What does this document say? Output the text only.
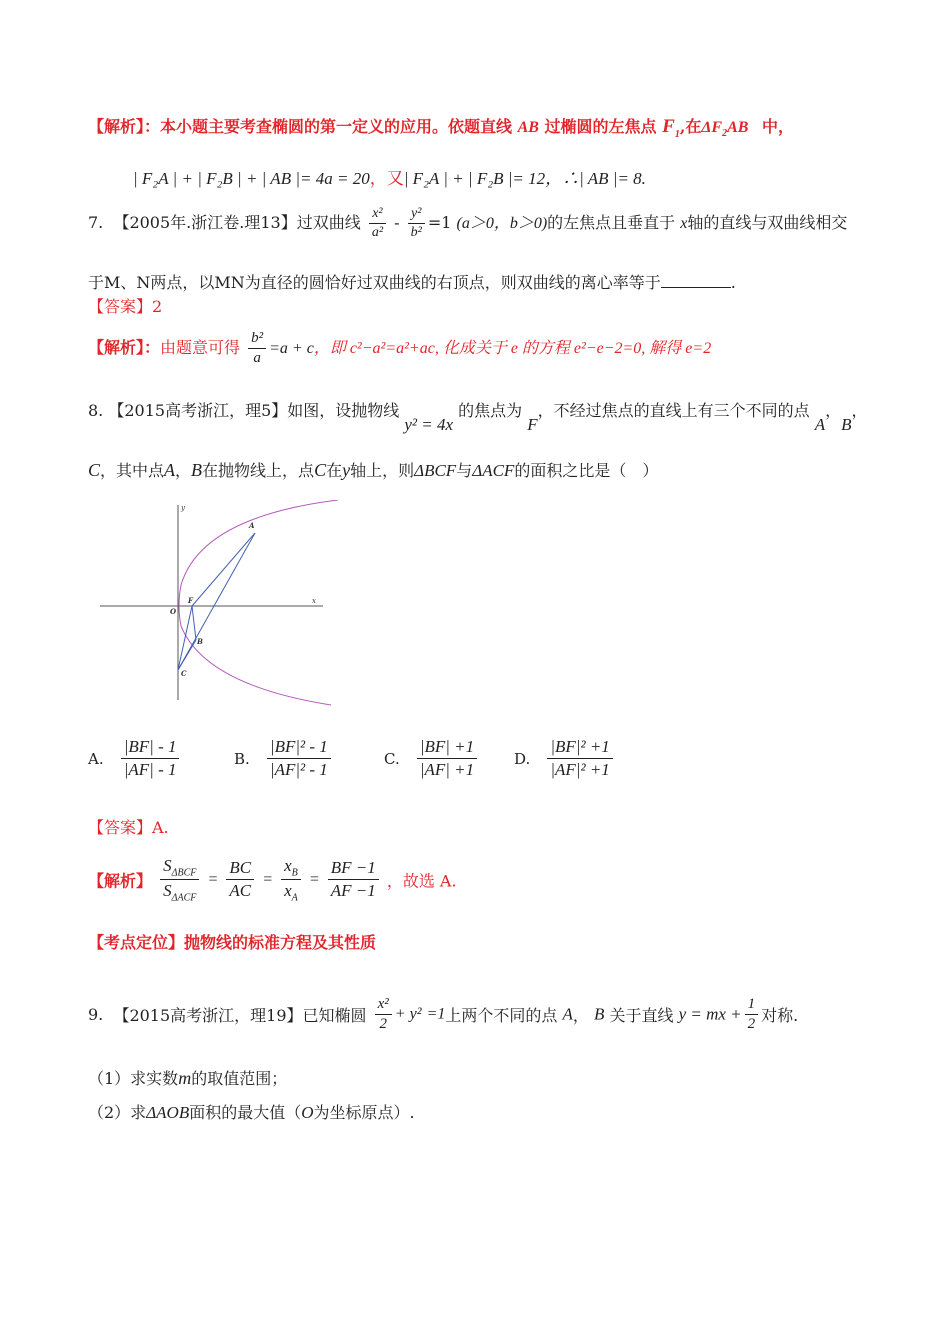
【解析】：本小题主要考查椭圆的第一定义的应用。依题直线 AB 过椭圆的左焦点 $F_1$,在$\Delta F_2AB$ 中，
| F₂A | + | F₂B | + | AB |= 4a = 20，又| F₂A | + | F₂B |= 12，∴| AB |= 8.
7. 【2005年.浙江卷.理13】过双曲线 $\frac{\text{x²}}{\text{a²}} - \frac{\text{y²}}{\text{b²}} =1$ (a＞0，b＞0)的左焦点且垂直于 x轴的直线与双曲线相交
于M、N两点，以MN为直径的圆恰好过双曲线的右顶点，则双曲线的离心率等于	.
【答案】2
【解析】：由题意可得 $\frac{\text{b²}}{a} =a + c$，即 c²−a²=a²+ac, 化成关于 e 的方程 e²−e−2=0, 解得 e=2
8. 【2015高考浙江，理5】如图，设抛物线 y² = 4x 的焦点为 F，不经过焦点的直线上有三个不同的点 A，B，
C，其中点A，B在抛物线上，点C在y轴上，则ΔBCF与ΔACF的面积之比是（　）
y
x
O
F
A
B
C
A. $\frac{|BF| - 1}{|AF| - 1}$	B. $\frac{\text{|BF|² - 1}}{\text{|AF|² - 1}}$	C. $\frac{|BF| +1}{|AF| +1} D$. $\frac{\text{|BF|² +1}}{\text{|AF|² +1}}$
【答案】A.
【解析】 $\frac{S_{\Delta BCF}}{S_{\Delta ACF}} = \frac{BC}{AC} = \frac{x_B}{x_A} = \frac{BF -1}{AF -1}$ ，故选 A.
【考点定位】抛物线的标准方程及其性质
9. 【2015高考浙江，理19】已知椭圆 $\frac{\text{x²}}{2} + y^2 =1$上两个不同的点 A， B 关于直线 y = mx + $\frac{1}{2}$ 对称.
（1）求实数m的取值范围；
（2）求ΔAOB面积的最大值（O为坐标原点）.
